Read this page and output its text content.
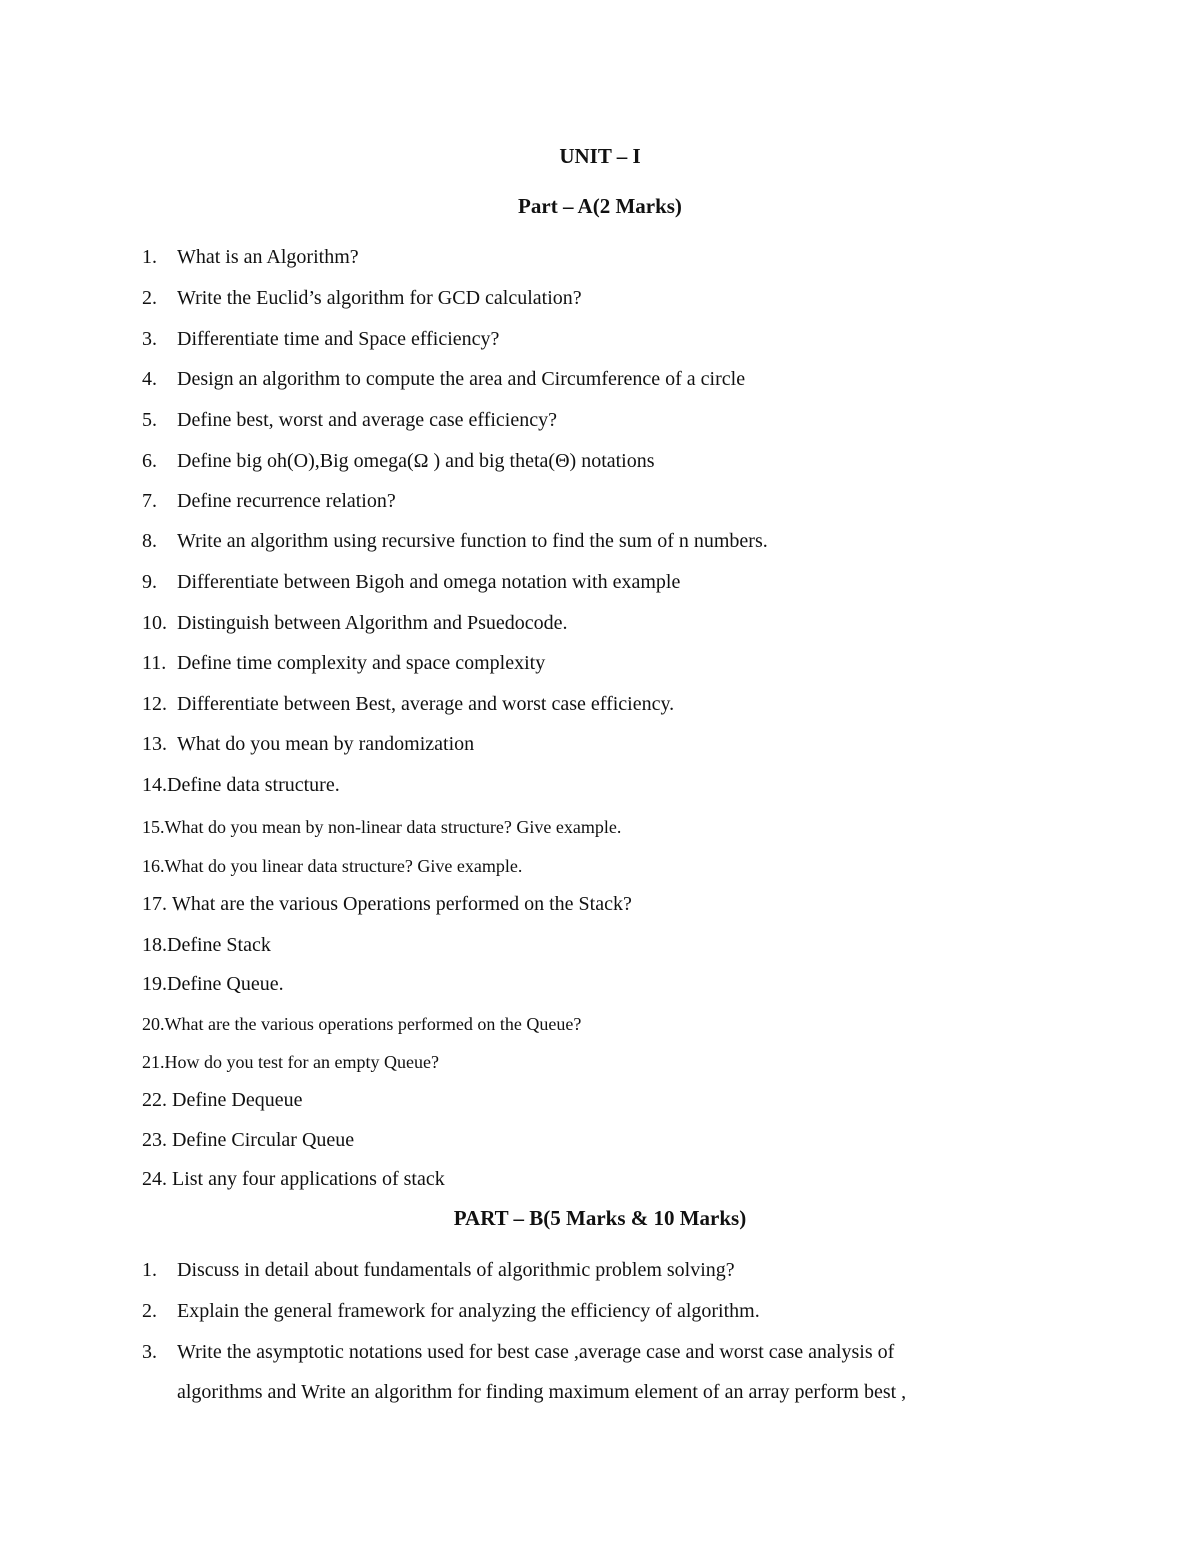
UNIT – I
Part – A(2 Marks)
1. What is an Algorithm?
2. Write the Euclid’s algorithm for GCD calculation?
3. Differentiate time and Space efficiency?
4. Design an algorithm to compute the area and Circumference of a circle
5. Define best, worst and average case efficiency?
6. Define big oh(O),Big omega(Ω ) and big theta(Θ) notations
7. Define recurrence relation?
8. Write an algorithm using recursive function to find the sum of n numbers.
9. Differentiate between Bigoh and omega notation with example
10. Distinguish between Algorithm and Psuedocode.
11. Define time complexity and space complexity
12. Differentiate between Best, average and worst case efficiency.
13. What do you mean by randomization
14.Define data structure.
15.What do you mean by non-linear data structure? Give example.
16.What do you linear data structure? Give example.
17. What are the various Operations performed on the Stack?
18.Define Stack
19.Define Queue.
20.What are the various operations performed on the Queue?
21.How do you test for an empty Queue?
22. Define Dequeue
23. Define Circular Queue
24. List any four applications of stack
PART – B(5 Marks & 10 Marks)
1. Discuss in detail about fundamentals of algorithmic problem solving?
2. Explain the general framework for analyzing the efficiency of algorithm.
3. Write the asymptotic notations used for best case ,average case and worst case analysis of
algorithms and Write an algorithm for finding maximum element of an array perform best ,
